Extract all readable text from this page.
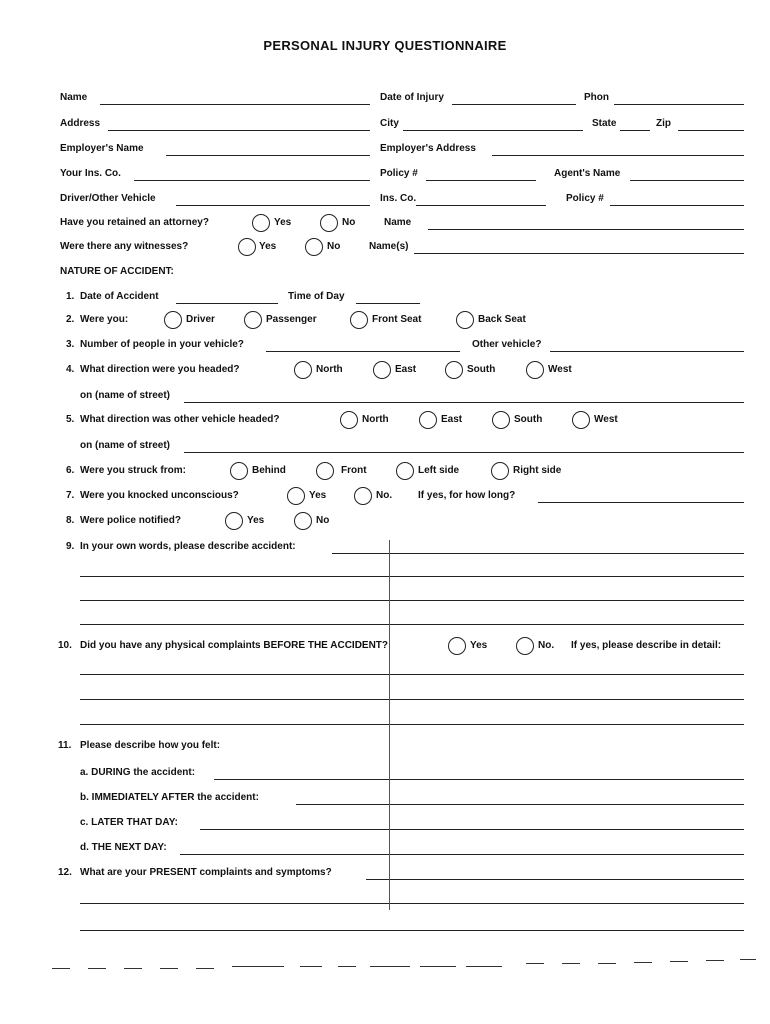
PERSONAL INJURY QUESTIONNAIRE
Name	Date of Injury	Phon
Address	City	State	Zip
Employer's Name	Employer's Address
Your Ins. Co.	Policy #	Agent's Name
Driver/Other Vehicle	Ins. Co.	Policy #
Have you retained an attorney?	Yes	No	Name
Were there any witnesses?	Yes	No	Name(s)
NATURE OF ACCIDENT:
1. Date of Accident	Time of Day
2. Were you:	Driver	Passenger	Front Seat	Back Seat
3. Number of people in your vehicle?	Other vehicle?
4. What direction were you headed?	North	East	South	West
on (name of street)
5. What direction was other vehicle headed?	North	East	South	West
on (name of street)
6. Were you struck from:	Behind	Front	Left side	Right side
7. Were you knocked unconscious?	Yes	No.	If yes, for how long?
8. Were police notified?	Yes	No
9. In your own words, please describe accident:
10. Did you have any physical complaints BEFORE THE ACCIDENT?	Yes	No. If yes, please describe in detail:
11. Please describe how you felt:
a. DURING the accident:
b. IMMEDIATELY AFTER the accident:
c. LATER THAT DAY:
d. THE NEXT DAY:
12. What are your PRESENT complaints and symptoms?
